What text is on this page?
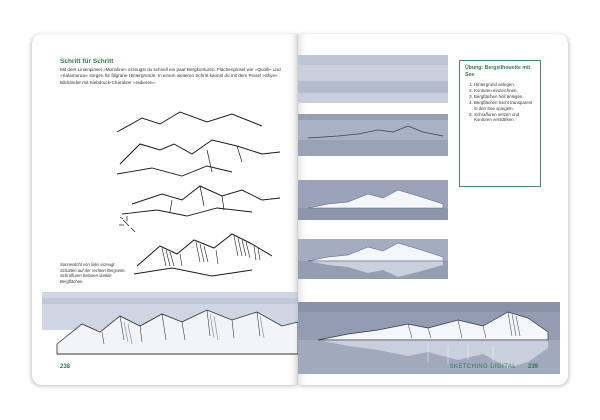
Schritt für Schritt
Mit dem Linienpinsel »Monoline« erzeugst du schnell ein paar Bergkonturen. Flächenpinsel wie »Quolli« und »Salamanca« sorgen für filigrane Hintergründe. In einem weiteren Schritt kannst du mit dem Pinsel »Skye« Bildränder mit Siebdruck-Charakter »radieren«.
Sonnenlicht von links erzeugt Schatten auf der rechten Bergseite. Schraffuren betonen dunkle Bergflächen.
238
Übung: Bergsilhouette mit See
1. Hintergrund anlegen.
2. Konturen einzeichnen.
3. Bergflächen hell anlegen.
4. Bergflächen leicht transparent in den See spiegeln.
5. Schraffuren setzen und Konturen verstärken.
SKETCHING DIGITAL 239
